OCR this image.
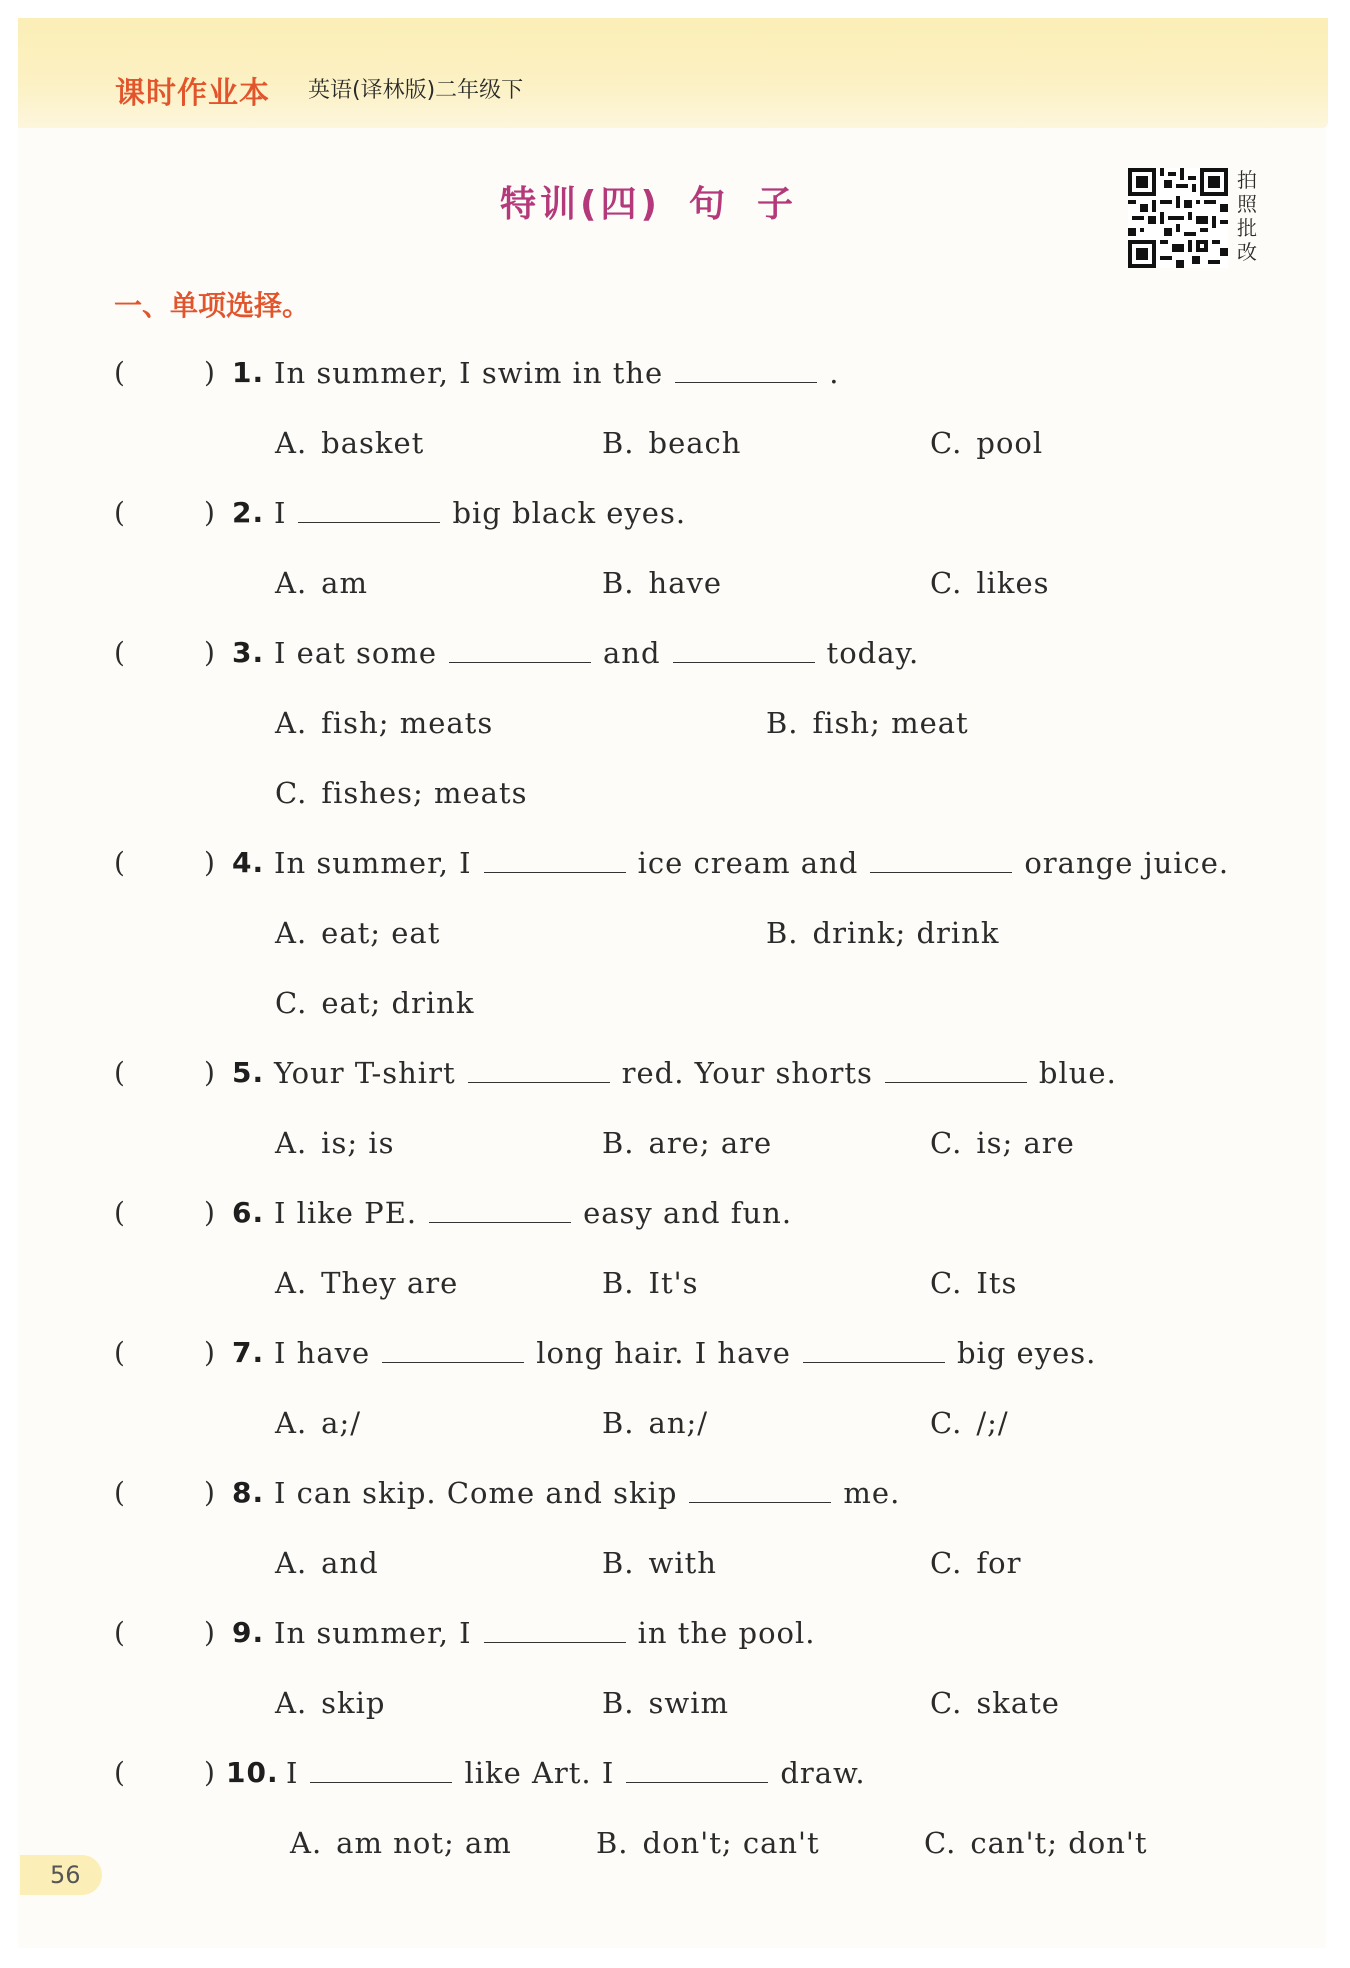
课时作业本 英语(译林版)二年级下
特训(四) 句 子
拍
照
批
改
一、单项选择。
(	) 1. In summer, I swim in the	.
A. basket	B. beach	C. pool
(	) 2. I	big black eyes.
A. am	B. have	C. likes
(	) 3. I eat some	and	today.
A. fish; meats	B. fish; meat
C. fishes; meats
(	) 4. In summer, I	ice cream and	orange juice.
A. eat; eat	B. drink; drink
C. eat; drink
(	) 5. Your T-shirt	red. Your shorts	blue.
A. is; is	B. are; are	C. is; are
(	) 6. I like PE.	easy and fun.
A. They are	B. It's	C. Its
(	) 7. I have	long hair. I have	big eyes.
A. a;/	B. an;/	C. /;/
(	) 8. I can skip. Come and skip	me.
A. and	B. with	C. for
(	) 9. In summer, I	in the pool.
A. skip	B. swim	C. skate
(	) 10. I	like Art. I	draw.
A. am not; am	B. don't; can't	C. can't; don't
56
